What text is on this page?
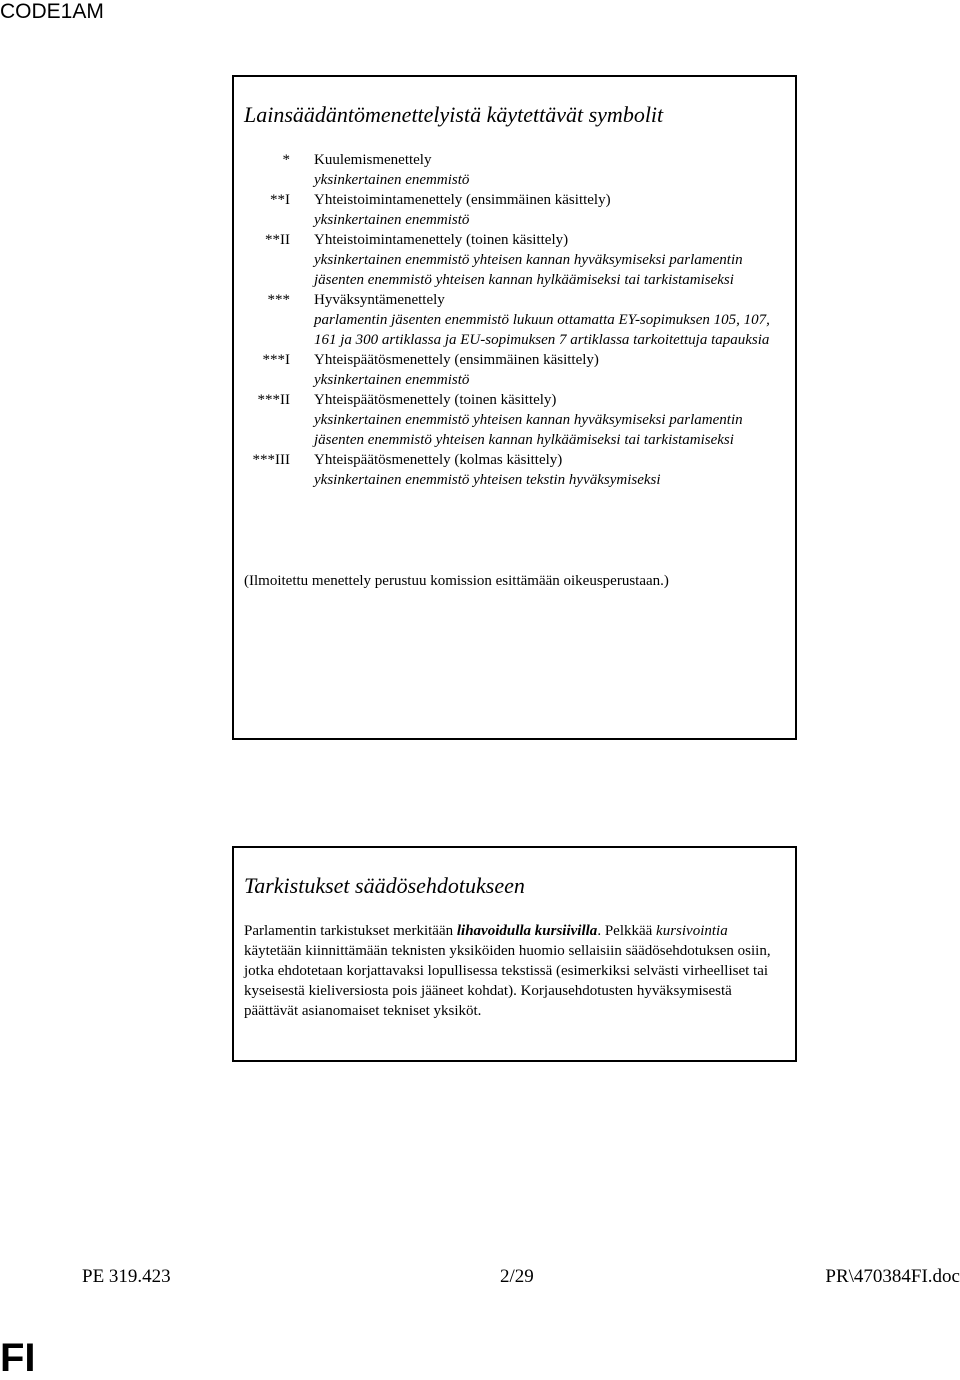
CODE1AM
Lainsäädäntömenettelyistä käytettävät symbolit
* Kuulemismenettely
yksinkertainen enemmistö
**I Yhteistoimintamenettely (ensimmäinen käsittely)
yksinkertainen enemmistö
**II Yhteistoimintamenettely (toinen käsittely)
yksinkertainen enemmistö yhteisen kannan hyväksymiseksi parlamentin jäsenten enemmistö yhteisen kannan hylkäämiseksi tai tarkistamiseksi
*** Hyväksyntämenettely
parlamentin jäsenten enemmistö lukuun ottamatta EY-sopimuksen 105, 107, 161 ja 300 artiklassa ja EU-sopimuksen 7 artiklassa tarkoitettuja tapauksia
***I Yhteispäätösmenettely (ensimmäinen käsittely)
yksinkertainen enemmistö
***II Yhteispäätösmenettely (toinen käsittely)
yksinkertainen enemmistö yhteisen kannan hyväksymiseksi parlamentin jäsenten enemmistö yhteisen kannan hylkäämiseksi tai tarkistamiseksi
***III Yhteispäätösmenettely (kolmas käsittely)
yksinkertainen enemmistö yhteisen tekstin hyväksymiseksi
(Ilmoitettu menettely perustuu komission esittämään oikeusperustaan.)
Tarkistukset säädösehdotukseen
Parlamentin tarkistukset merkitään lihavoidulla kursiivilla. Pelkkää kursivointia käytetään kiinnittämään teknisten yksiköiden huomio sellaisiin säädösehdotuksen osiin, jotka ehdotetaan korjattavaksi lopullisessa tekstissä (esimerkiksi selvästi virheelliset tai kyseisestä kieliversiosta pois jääneet kohdat). Korjausehdotusten hyväksymisestä päättävät asianomaiset tekniset yksiköt.
PE 319.423	2/29	PR\470384FI.doc
FI
